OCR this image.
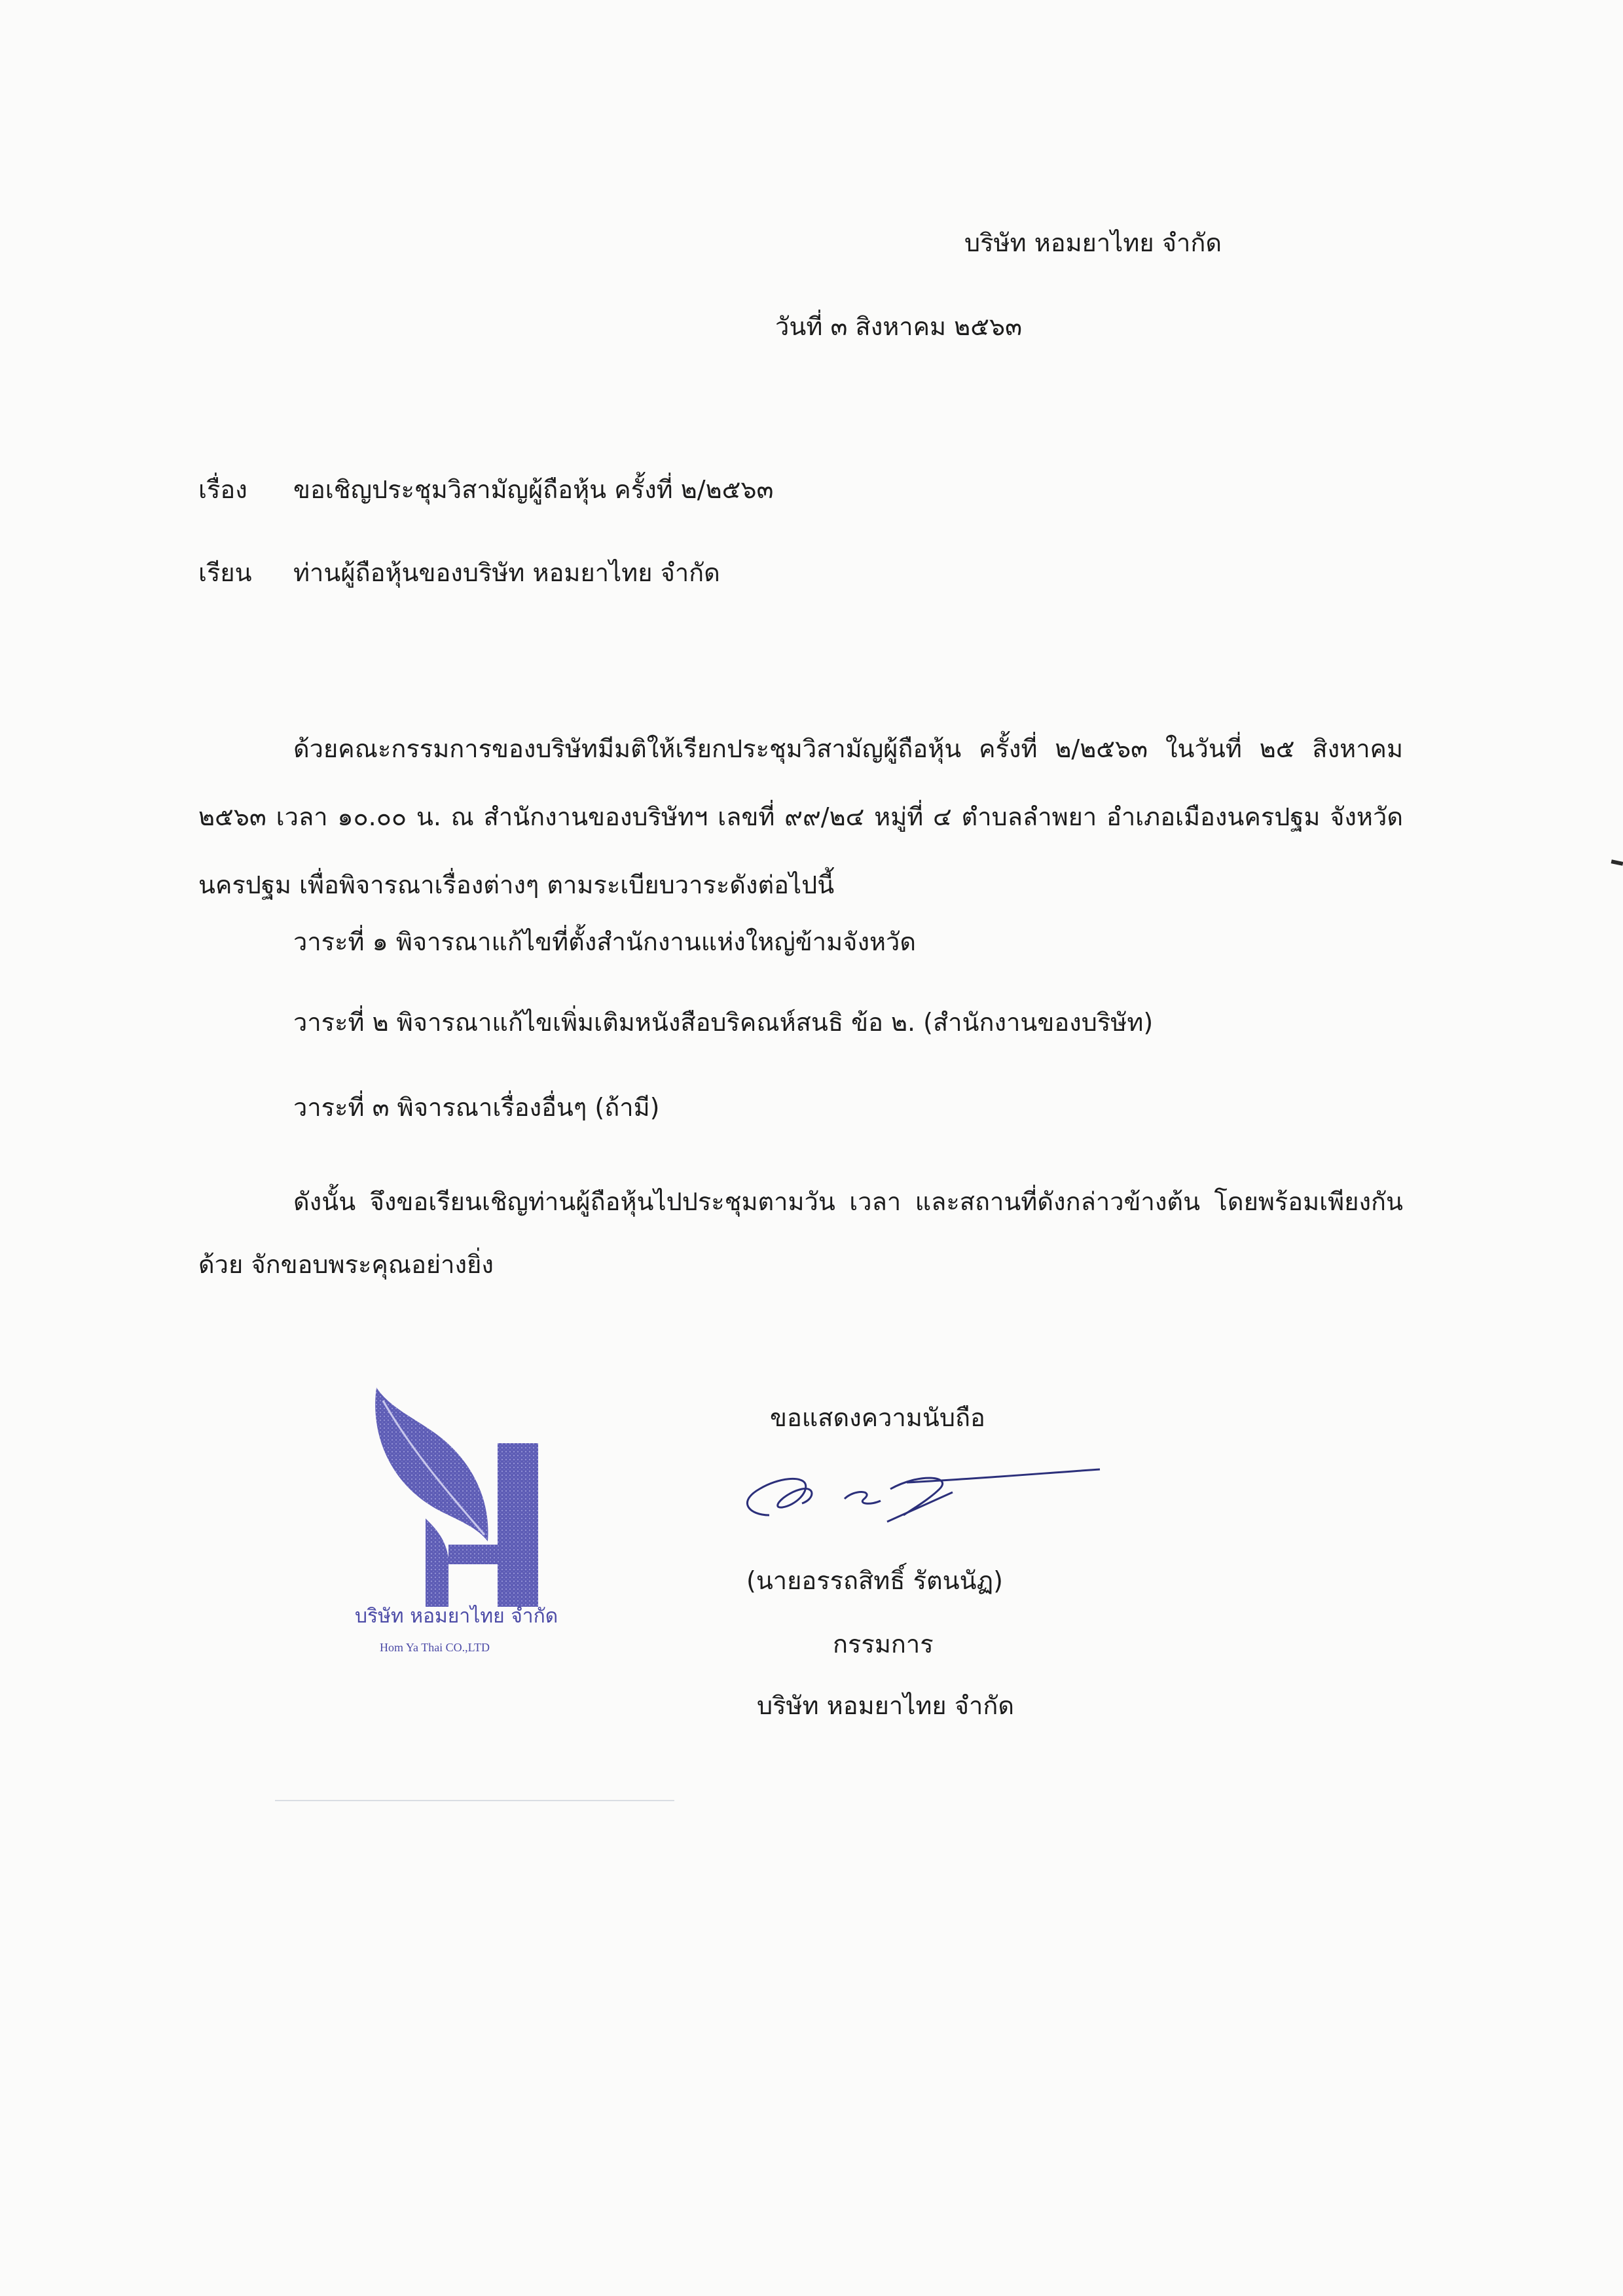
บริษัท หอมยาไทย จำกัด
วันที่ ๓ สิงหาคม ๒๕๖๓
เรื่อง ขอเชิญประชุมวิสามัญผู้ถือหุ้น ครั้งที่ ๒/๒๕๖๓
เรียน ท่านผู้ถือหุ้นของบริษัท หอมยาไทย จำกัด
ด้วยคณะกรรมการของบริษัทมีมติให้เรียกประชุมวิสามัญผู้ถือหุ้น ครั้งที่ ๒/๒๕๖๓ ในวันที่ ๒๕ สิงหาคม ๒๕๖๓ เวลา ๑๐.๐๐ น. ณ สำนักงานของบริษัทฯ เลขที่ ๙๙/๒๔ หมู่ที่ ๔ ตำบลลำพยา อำเภอเมืองนครปฐม จังหวัดนครปฐม เพื่อพิจารณาเรื่องต่างๆ ตามระเบียบวาระดังต่อไปนี้
วาระที่ ๑ พิจารณาแก้ไขที่ตั้งสำนักงานแห่งใหญ่ข้ามจังหวัด
วาระที่ ๒ พิจารณาแก้ไขเพิ่มเติมหนังสือบริคณห์สนธิ ข้อ ๒. (สำนักงานของบริษัท)
วาระที่ ๓ พิจารณาเรื่องอื่นๆ (ถ้ามี)
ดังนั้น จึงขอเรียนเชิญท่านผู้ถือหุ้นไปประชุมตามวัน เวลา และสถานที่ดังกล่าวข้างต้น โดยพร้อมเพียงกันด้วย จักขอบพระคุณอย่างยิ่ง
บริษัท หอมยาไทย จำกัด
Hom Ya Thai CO.,LTD
ขอแสดงความนับถือ
(นายอรรถสิทธิ์ รัตนนัฏ)
กรรมการ
บริษัท หอมยาไทย จำกัด
